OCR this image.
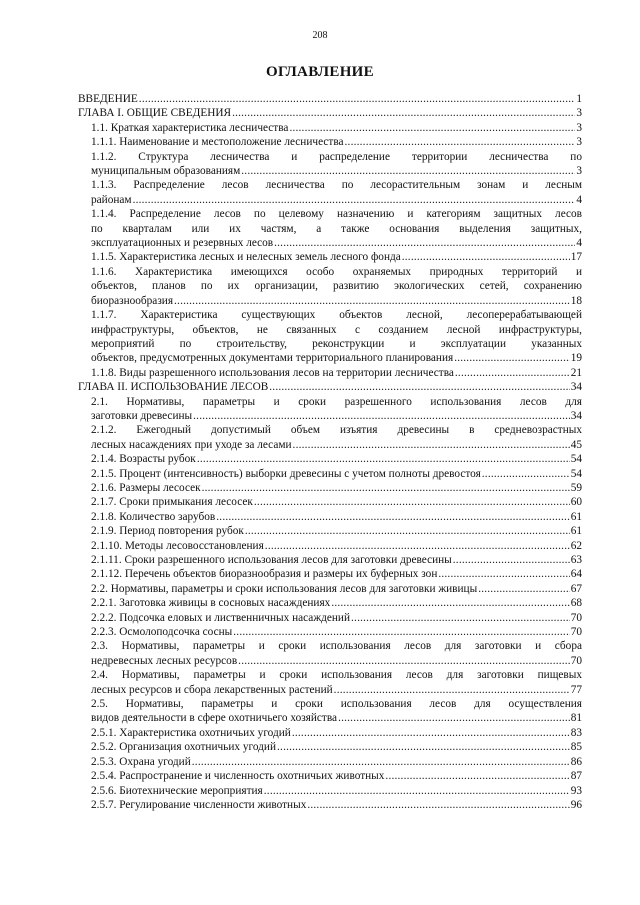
208
ОГЛАВЛЕНИЕ
ВВЕДЕНИЕ .....	1
ГЛАВА I. ОБЩИЕ СВЕДЕНИЯ .....	3
1.1. Краткая характеристика лесничества .....	3
1.1.1. Наименование и местоположение лесничества .....	3
1.1.2. Структура лесничества и распределение территории лесничества по
муниципальным образованиям .....	3
1.1.3. Распределение лесов лесничества по лесорастительным зонам и лесным
районам .....	4
1.1.4. Распределение лесов по целевому назначению и категориям защитных лесов
по кварталам или их частям, а также основания выделения защитных,
эксплуатационных и резервных лесов .....	4
1.1.5. Характеристика лесных и нелесных земель лесного фонда .....	17
1.1.6. Характеристика имеющихся особо охраняемых природных территорий и
объектов, планов по их организации, развитию экологических сетей, сохранению
биоразнообразия .....	18
1.1.7. Характеристика существующих объектов лесной, лесоперерабатывающей
инфраструктуры, объектов, не связанных с созданием лесной инфраструктуры,
мероприятий по строительству, реконструкции и эксплуатации указанных
объектов, предусмотренных документами территориального планирования .....	19
1.1.8. Виды разрешенного использования лесов на территории лесничества .....	21
ГЛАВА II. ИСПОЛЬЗОВАНИЕ ЛЕСОВ .....	34
2.1. Нормативы, параметры и сроки разрешенного использования лесов для
заготовки древесины .....	34
2.1.2. Ежегодный допустимый объем изъятия древесины в средневозрастных
лесных насаждениях при уходе за лесами .....	45
2.1.4. Возрасты рубок .....	54
2.1.5. Процент (интенсивность) выборки древесины с учетом полноты древостоя .....	54
2.1.6. Размеры лесосек .....	59
2.1.7. Сроки примыкания лесосек .....	60
2.1.8. Количество зарубов .....	61
2.1.9. Период повторения рубок .....	61
2.1.10. Методы лесовосстановления .....	62
2.1.11. Сроки разрешенного использования лесов для заготовки древесины .....	63
2.1.12. Перечень объектов биоразнообразия и размеры их буферных зон .....	64
2.2. Нормативы, параметры и сроки использования лесов для заготовки живицы .....	67
2.2.1. Заготовка живицы в сосновых насаждениях .....	68
2.2.2. Подсочка еловых и лиственничных насаждений .....	70
2.2.3. Осмолоподсочка сосны .....	70
2.3. Нормативы, параметры и сроки использования лесов для заготовки и сбора
недревесных лесных ресурсов .....	70
2.4. Нормативы, параметры и сроки использования лесов для заготовки пищевых
лесных ресурсов и сбора лекарственных растений .....	77
2.5. Нормативы, параметры и сроки использования лесов для осуществления
видов деятельности в сфере охотничьего хозяйства .....	81
2.5.1. Характеристика охотничьих угодий .....	83
2.5.2. Организация охотничьих угодий .....	85
2.5.3. Охрана угодий .....	86
2.5.4. Распространение и численность охотничьих животных .....	87
2.5.6. Биотехнические мероприятия .....	93
2.5.7. Регулирование численности животных .....	96
